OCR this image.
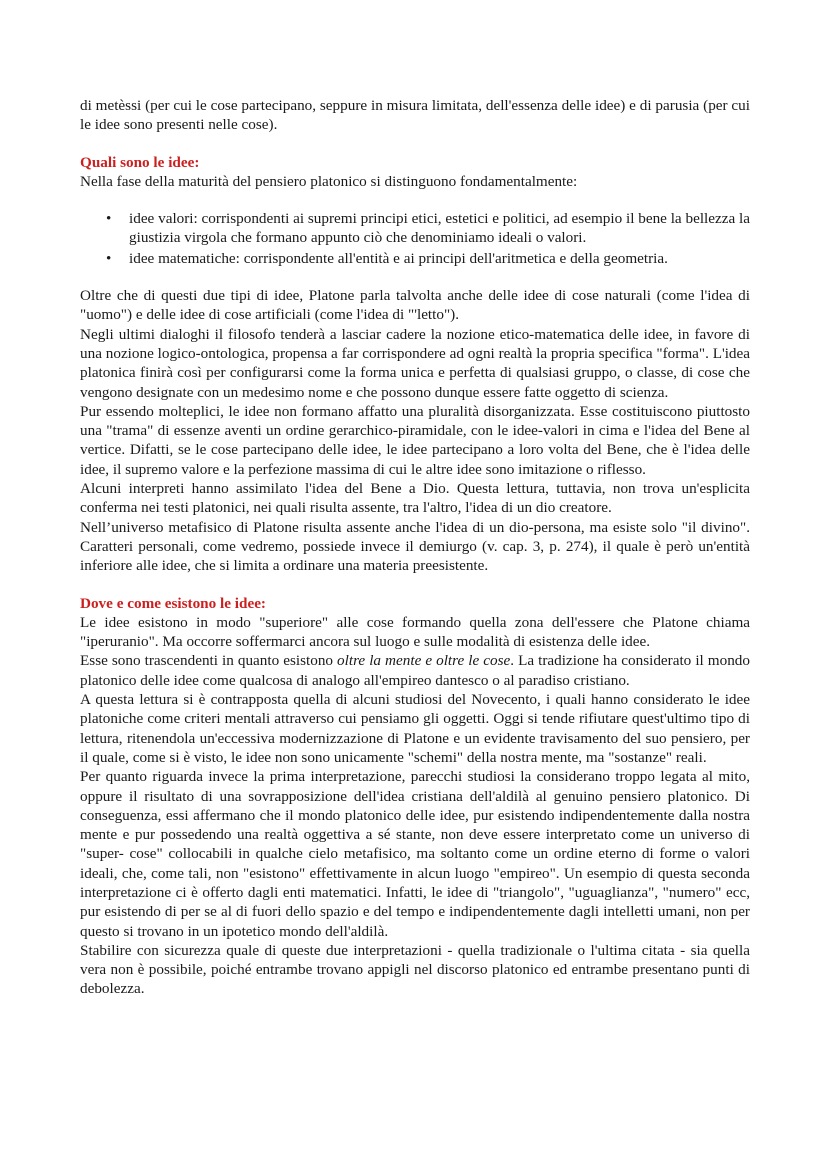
di metèssi (per cui le cose partecipano, seppure in misura limitata, dell'essenza delle idee) e di parusia (per cui le idee sono presenti nelle cose).

Quali sono le idee:

Nella fase della maturità del pensiero platonico si distinguono fondamentalmente:

• idee valori: corrispondenti ai supremi principi etici, estetici e politici, ad esempio il bene la bellezza la giustizia virgola che formano appunto ciò che denominiamo ideali o valori.
• idee matematiche: corrispondente all'entità e ai principi dell'aritmetica e della geometria.

Oltre che di questi due tipi di idee, Platone parla talvolta anche delle idee di cose naturali (come l'idea di "uomo") e delle idee di cose artificiali (come l'idea di "'letto").

Negli ultimi dialoghi il filosofo tenderà a lasciar cadere la nozione etico-matematica delle idee, in favore di una nozione logico-ontologica, propensa a far corrispondere ad ogni realtà la propria specifica "forma". L'idea platonica finirà così per configurarsi come la forma unica e perfetta di qualsiasi gruppo, o classe, di cose che vengono designate con un medesimo nome e che possono dunque essere fatte oggetto di scienza.

Pur essendo molteplici, le idee non formano affatto una pluralità disorganizzata. Esse costituiscono piuttosto una "trama" di essenze aventi un ordine gerarchico-piramidale, con le idee-valori in cima e l'idea del Bene al vertice. Difatti, se le cose partecipano delle idee, le idee partecipano a loro volta del Bene, che è l'idea delle idee, il supremo valore e la perfezione massima di cui le altre idee sono imitazione o riflesso.

Alcuni interpreti hanno assimilato l'idea del Bene a Dio. Questa lettura, tuttavia, non trova un'esplicita conferma nei testi platonici, nei quali risulta assente, tra l'altro, l'idea di un dio creatore.

Nell’universo metafisico di Platone risulta assente anche l'idea di un dio-persona, ma esiste solo "il divino". Caratteri personali, come vedremo, possiede invece il demiurgo (v. cap. 3, p. 274), il quale è però un'entità inferiore alle idee, che si limita a ordinare una materia preesistente.

Dove e come esistono le idee:

Le idee esistono in modo "superiore" alle cose formando quella zona dell'essere che Platone chiama "iperuranio". Ma occorre soffermarci ancora sul luogo e sulle modalità di esistenza delle idee.

Esse sono trascendenti in quanto esistono oltre la mente e oltre le cose. La tradizione ha considerato il mondo platonico delle idee come qualcosa di analogo all'empireo dantesco o al paradiso cristiano.

A questa lettura si è contrapposta quella di alcuni studiosi del Novecento, i quali hanno considerato le idee platoniche come criteri mentali attraverso cui pensiamo gli oggetti. Oggi si tende rifiutare quest'ultimo tipo di lettura, ritenendola un'eccessiva modernizzazione di Platone e un evidente travisamento del suo pensiero, per il quale, come si è visto, le idee non sono unicamente "schemi" della nostra mente, ma "sostanze" reali.

Per quanto riguarda invece la prima interpretazione, parecchi studiosi la considerano troppo legata al mito, oppure il risultato di una sovrapposizione dell'idea cristiana dell'aldilà al genuino pensiero platonico. Di conseguenza, essi affermano che il mondo platonico delle idee, pur esistendo indipendentemente dalla nostra mente e pur possedendo una realtà oggettiva a sé stante, non deve essere interpretato come un universo di "super- cose" collocabili in qualche cielo metafisico, ma soltanto come un ordine eterno di forme o valori ideali, che, come tali, non "esistono" effettivamente in alcun luogo "empireo". Un esempio di questa seconda interpretazione ci è offerto dagli enti matematici. Infatti, le idee di "triangolo", "uguaglianza", "numero" ecc, pur esistendo di per se al di fuori dello spazio e del tempo e indipendentemente dagli intelletti umani, non per questo si trovano in un ipotetico mondo dell'aldilà.

Stabilire con sicurezza quale di queste due interpretazioni - quella tradizionale o l'ultima citata - sia quella vera non è possibile, poiché entrambe trovano appigli nel discorso platonico ed entrambe presentano punti di debolezza.
